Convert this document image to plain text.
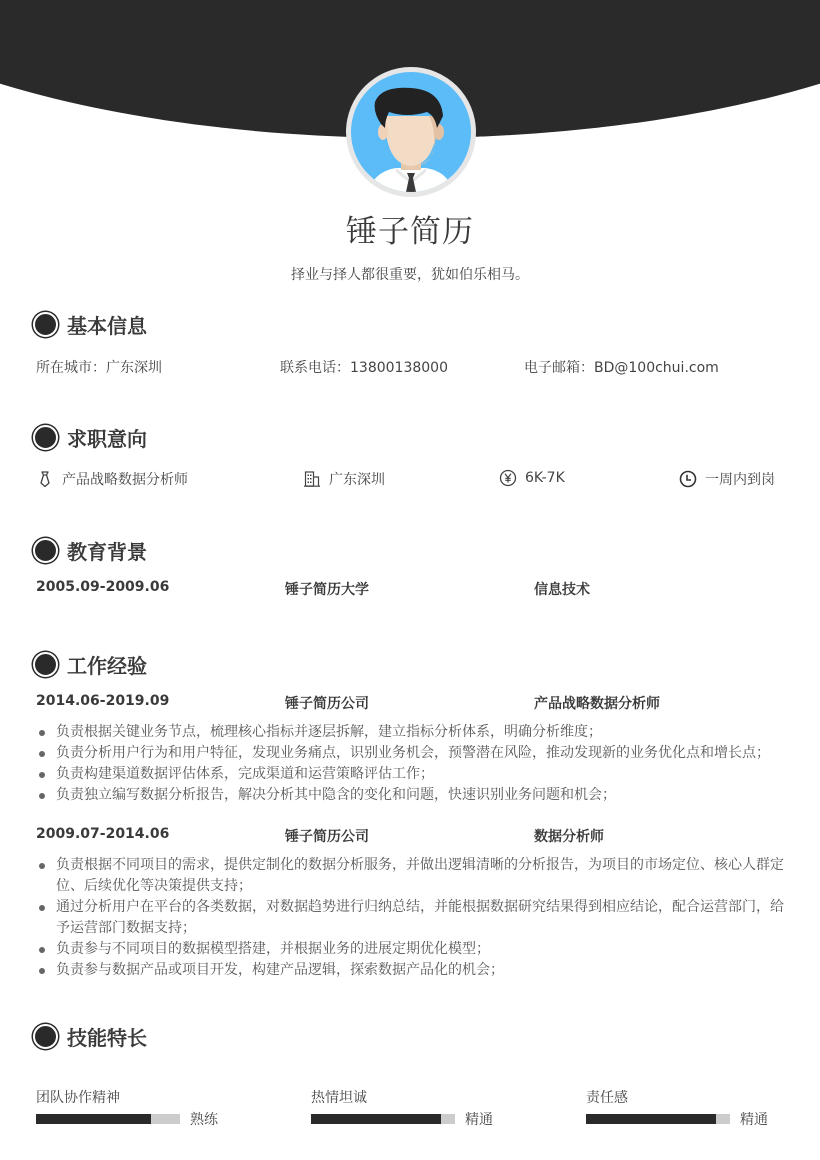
锤子简历
择业与择人都很重要，犹如伯乐相马。
基本信息
所在城市：广东深圳	联系电话：13800138000	电子邮箱：BD@100chui.com
求职意向
产品战略数据分析师	广东深圳	6K-7K	一周内到岗
教育背景
2005.09-2009.06	锤子简历大学	信息技术
工作经验
2014.06-2019.09	锤子简历公司	产品战略数据分析师
负责根据关键业务节点，梳理核心指标并逐层拆解，建立指标分析体系，明确分析维度；
负责分析用户行为和用户特征，发现业务痛点，识别业务机会，预警潜在风险，推动发现新的业务优化点和增长点；
负责构建渠道数据评估体系，完成渠道和运营策略评估工作；
负责独立编写数据分析报告，解决分析其中隐含的变化和问题，快速识别业务问题和机会；
2009.07-2014.06	锤子简历公司	数据分析师
负责根据不同项目的需求，提供定制化的数据分析服务，并做出逻辑清晰的分析报告，为项目的市场定位、核心人群定位、后续优化等决策提供支持；
通过分析用户在平台的各类数据，对数据趋势进行归纳总结，并能根据数据研究结果得到相应结论，配合运营部门，给予运营部门数据支持；
负责参与不同项目的数据模型搭建，并根据业务的进展定期优化模型；
负责参与数据产品或项目开发，构建产品逻辑，探索数据产品化的机会；
技能特长
团队协作精神
熟练
热情坦诚
精通
责任感
精通
